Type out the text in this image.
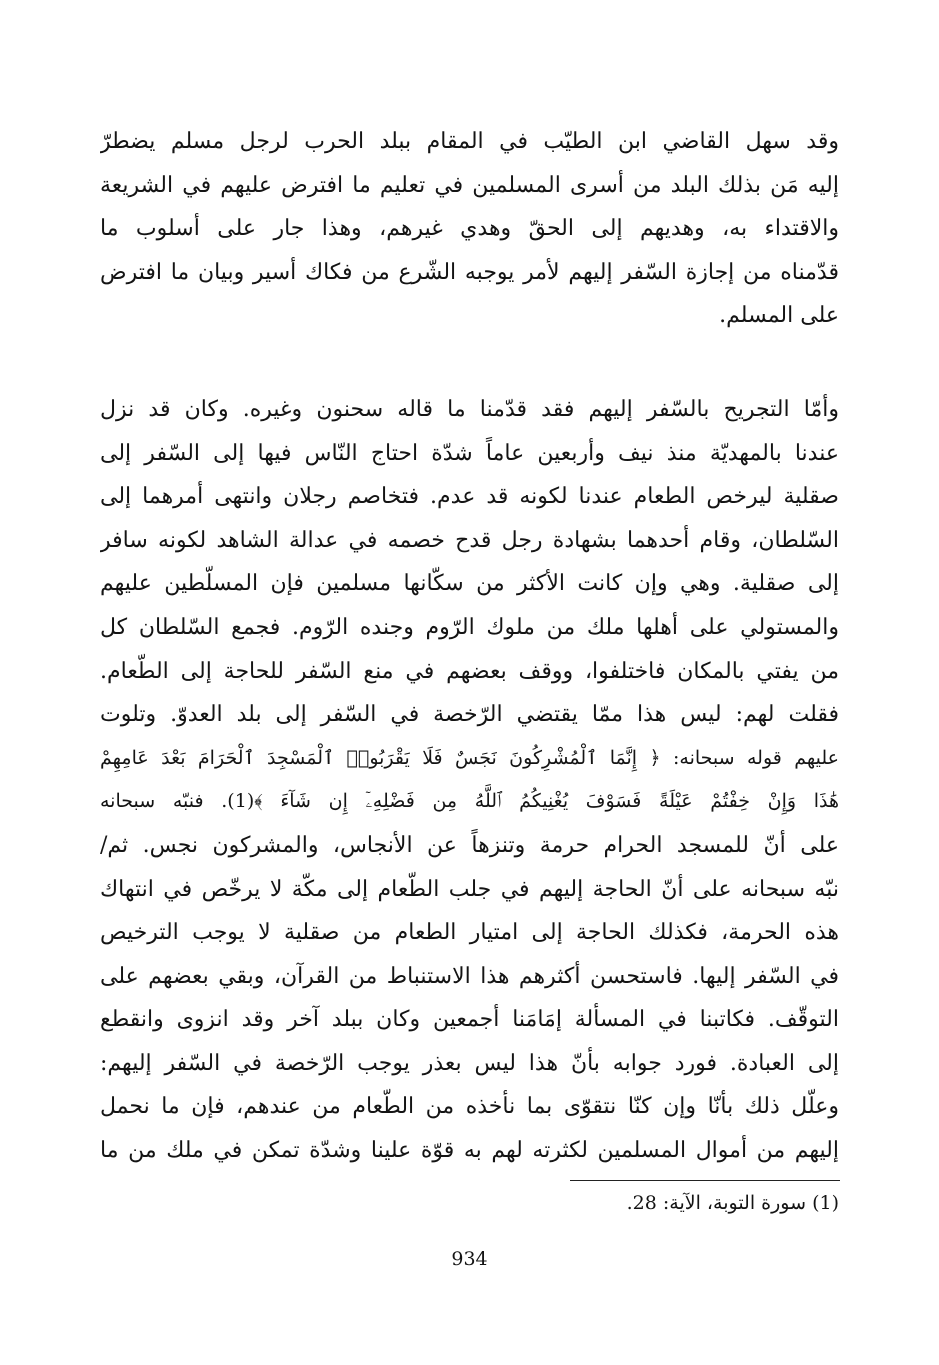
وقد سهل القاضي ابن الطيّب في المقام ببلد الحرب لرجل مسلم يضطرّ
إليه مَن بذلك البلد من أسرى المسلمين في تعليم ما افترض عليهم في الشريعة
والاقتداء به، وهديهم إلى الحقّ وهدي غيرهم، وهذا جار على أسلوب ما
قدّمناه من إجازة السّفر إليهم لأمر يوجبه الشّرع من فكاك أسير وبيان ما افترض
على المسلم.
وأمّا التجريح بالسّفر إليهم فقد قدّمنا ما قاله سحنون وغيره. وكان قد نزل
عندنا بالمهديّة منذ نيف وأربعين عاماً شدّة احتاج النّاس فيها إلى السّفر إلى
صقلية ليرخص الطعام عندنا لكونه قد عدم. فتخاصم رجلان وانتهى أمرهما إلى
السّلطان، وقام أحدهما بشهادة رجل قدح خصمه في عدالة الشاهد لكونه سافر
إلى صقلية. وهي وإن كانت الأكثر من سكّانها مسلمين فإن المسلّطين عليهم
والمستولي على أهلها ملك من ملوك الرّوم وجنده الرّوم. فجمع السّلطان كل
من يفتي بالمكان فاختلفوا، ووقف بعضهم في منع السّفر للحاجة إلى الطّعام.
فقلت لهم: ليس هذا ممّا يقتضي الرّخصة في السّفر إلى بلد العدوّ. وتلوت
عليهم قوله سبحانه: ﴿ إِنَّمَا ٱلْمُشْرِكُونَ نَجَسٌ فَلَا يَقْرَبُوا۟ ٱلْمَسْجِدَ ٱلْحَرَامَ بَعْدَ عَامِهِمْ
هَٰذَا وَإِنْ خِفْتُمْ عَيْلَةً فَسَوْفَ يُغْنِيكُمُ ٱللَّهُ مِن فَضْلِهِۦٓ إِن شَآءَ ﴾(1). فنبّه سبحانه
على أنّ للمسجد الحرام حرمة وتنزهاً عن الأنجاس، والمشركون نجس. ثم/
نبّه سبحانه على أنّ الحاجة إليهم في جلب الطّعام إلى مكّة لا يرخّص في انتهاك
هذه الحرمة، فكذلك الحاجة إلى امتيار الطعام من صقلية لا يوجب الترخيص
في السّفر إليها. فاستحسن أكثرهم هذا الاستنباط من القرآن، وبقي بعضهم على
التوقّف. فكاتبنا في المسألة إمَامَنا أجمعين وكان ببلد آخر وقد انزوى وانقطع
إلى العبادة. فورد جوابه بأنّ هذا ليس بعذر يوجب الرّخصة في السّفر إليهم:
وعلّل ذلك بأنّا وإن كنّا نتقوّى بما نأخذه من الطّعام من عندهم، فإن ما نحمل
إليهم من أموال المسلمين لكثرته لهم به قوّة علينا وشدّة تمكن في ملك من ما
(1) سورة التوبة، الآية: 28.
934
